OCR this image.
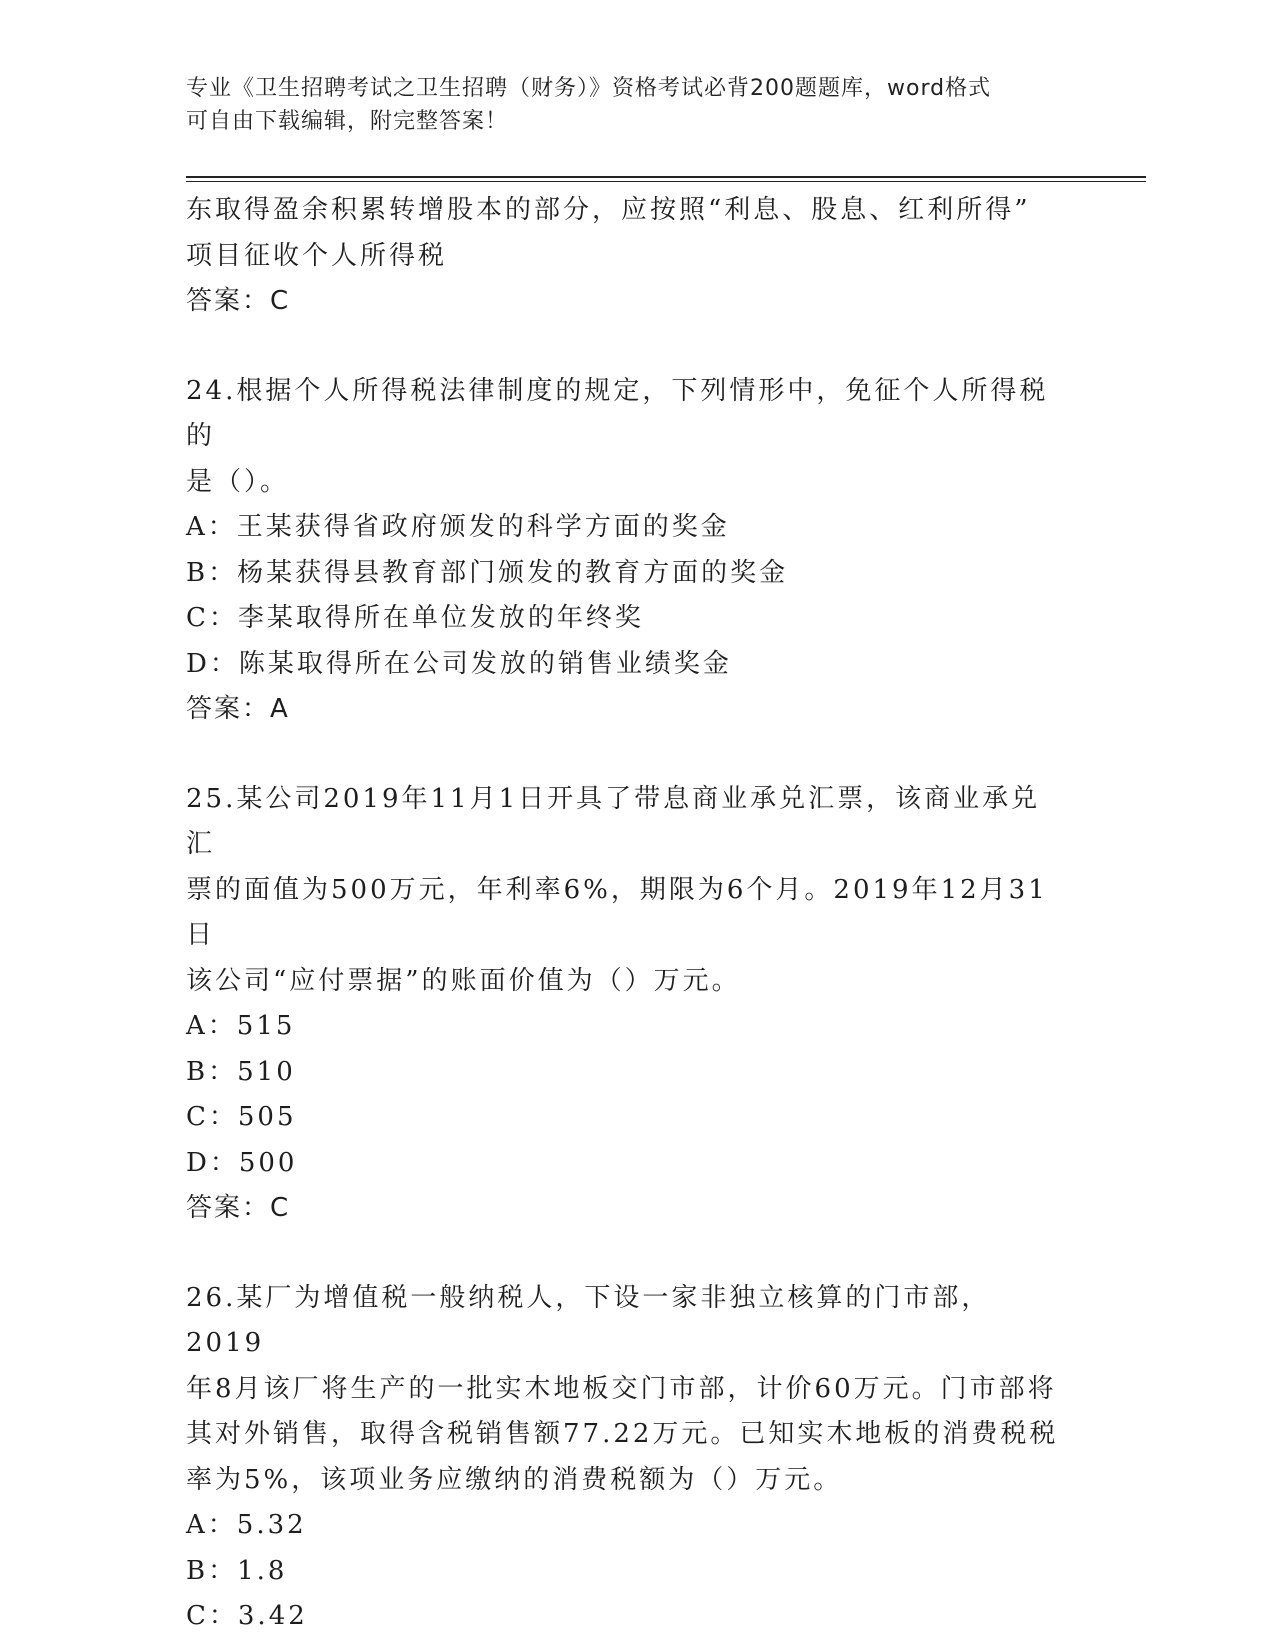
专业《卫生招聘考试之卫生招聘（财务）》资格考试必背200题题库，word格式
可自由下载编辑，附完整答案！

东取得盈余积累转增股本的部分，应按照“利息、股息、红利所得”

项目征收个人所得税

答案：C

24.根据个人所得税法律制度的规定，下列情形中，免征个人所得税的

是（）。

A：王某获得省政府颁发的科学方面的奖金

B：杨某获得县教育部门颁发的教育方面的奖金

C：李某取得所在单位发放的年终奖

D：陈某取得所在公司发放的销售业绩奖金

答案：A

25.某公司2019年11月1日开具了带息商业承兑汇票，该商业承兑汇

票的面值为500万元，年利率6%，期限为6个月。2019年12月31日

该公司“应付票据”的账面价值为（）万元。

A：515

B：510

C：505

D：500

答案：C

26.某厂为增值税一般纳税人，下设一家非独立核算的门市部，2019

年8月该厂将生产的一批实木地板交门市部，计价60万元。门市部将

其对外销售，取得含税销售额77.22万元。已知实木地板的消费税税

率为5%，该项业务应缴纳的消费税额为（）万元。

A：5.32

B：1.8

C：3.42
